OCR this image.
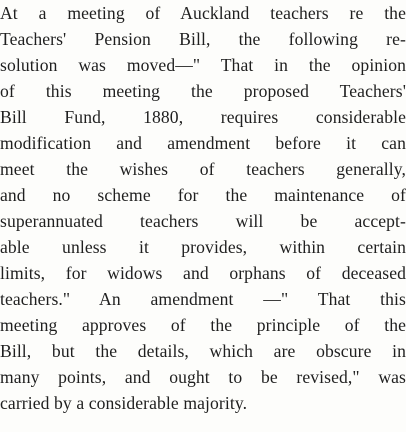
At a meeting of Auckland teachers re the
Teachers' Pension Bill, the following re-
solution was moved—" That in the opinion
of this meeting the proposed Teachers'
Bill Fund, 1880, requires considerable
modification and amendment before it can
meet the wishes of teachers generally,
and no scheme for the maintenance of
superannuated teachers will be accept-
able unless it provides, within certain
limits, for widows and orphans of deceased
teachers." An amendment —" That this
meeting approves of the principle of the
Bill, but the details, which are obscure in
many points, and ought to be revised," was
carried by a considerable majority.
